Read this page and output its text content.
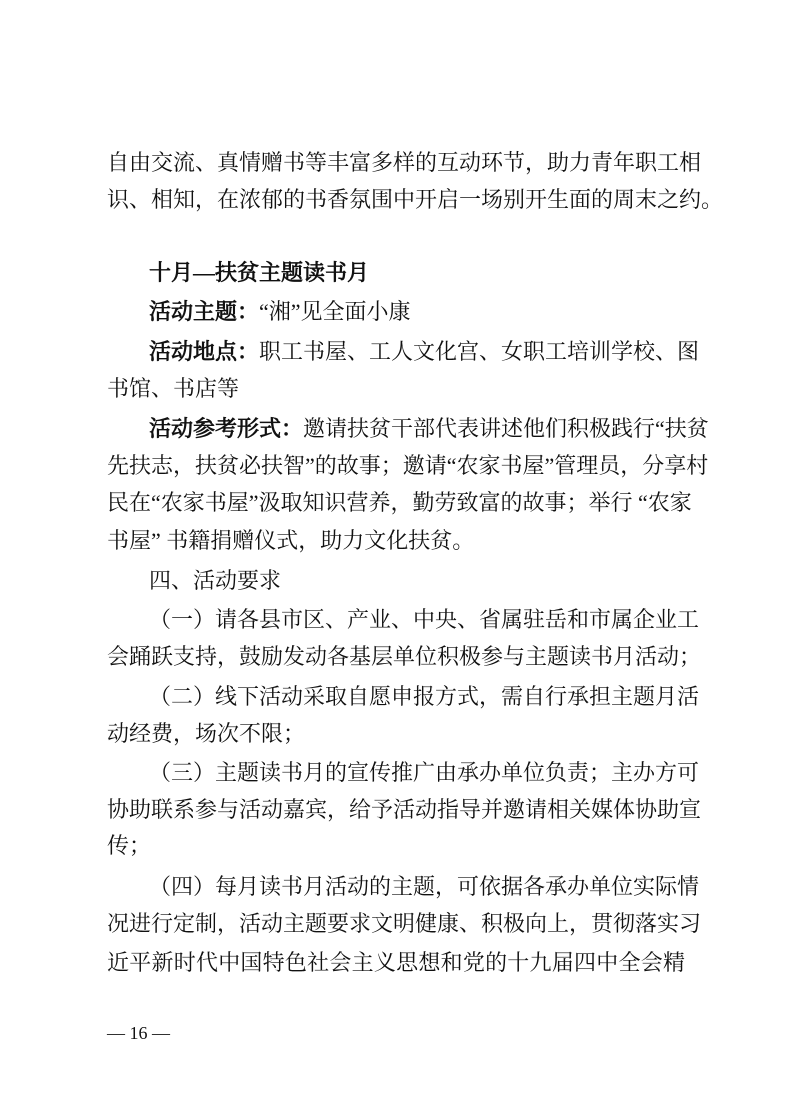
自由交流、真情赠书等丰富多样的互动环节，助力青年职工相
识、相知，在浓郁的书香氛围中开启一场别开生面的周末之约。
十月—扶贫主题读书月
活动主题：“湘”见全面小康
活动地点：职工书屋、工人文化宫、女职工培训学校、图
书馆、书店等
活动参考形式：邀请扶贫干部代表讲述他们积极践行“扶贫
先扶志，扶贫必扶智”的故事；邀请“农家书屋”管理员，分享村
民在“农家书屋”汲取知识营养，勤劳致富的故事；举行 “农家
书屋” 书籍捐赠仪式，助力文化扶贫。
四、活动要求
（一）请各县市区、产业、中央、省属驻岳和市属企业工
会踊跃支持，鼓励发动各基层单位积极参与主题读书月活动；
（二）线下活动采取自愿申报方式，需自行承担主题月活
动经费，场次不限；
（三）主题读书月的宣传推广由承办单位负责；主办方可
协助联系参与活动嘉宾，给予活动指导并邀请相关媒体协助宣
传；
（四）每月读书月活动的主题，可依据各承办单位实际情
况进行定制，活动主题要求文明健康、积极向上，贯彻落实习
近平新时代中国特色社会主义思想和党的十九届四中全会精
— 16 —
